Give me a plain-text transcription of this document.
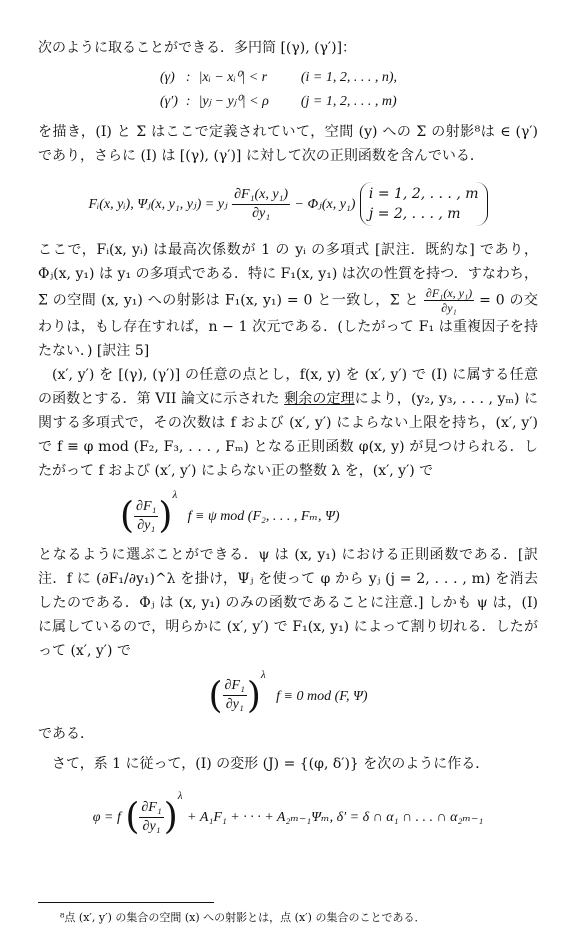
次のように取ることができる．多円筒 [(γ), (γ′)]：

(γ)	:	|xᵢ − xᵢ⁰| < r	(i = 1, 2, . . . , n),
(γ′)	:	|yⱼ − yⱼ⁰| < ρ	(j = 1, 2, . . . , m)

を描き，(I) と Σ はここで定義されていて，空間 (y) への Σ の射影⁸は ∈ (γ′) であり，さらに (I) は [(γ), (γ′)] に対して次の正則函数を含んでいる．

Fᵢ(x, yᵢ), Ψⱼ(x, y₁, yⱼ) = yⱼ $\frac{\text{∂F₁(x, y₁)}}{\text{∂y₁}}$ − Φⱼ(x, y₁)
i = 1, 2, . . . , m
j = 2, . . . , m

ここで，Fᵢ(x, yᵢ) は最高次係数が 1 の yᵢ の多項式 [訳注．既約な] であり，Φⱼ(x, y₁) は y₁ の多項式である．特に F₁(x, y₁) は次の性質を持つ．すなわち，Σ の空間 (x, y₁) への射影は F₁(x, y₁) = 0 と一致し，Σ と $\frac{\text{∂F₁(x, y₁)}}{\text{∂y₁}} = 0$ の交わりは，もし存在すれば，n − 1 次元である．(したがって F₁ は重複因子を持たない．) [訳注 5]

(x′, y′) を [(γ), (γ′)] の任意の点とし，f(x, y) を (x′, y′) で (I) に属する任意の函数とする．第 VII 論文に示された 剰余の定理により，(y₂, y₃, . . . , yₘ) に関する多項式で，その次数は f および (x′, y′) によらない上限を持ち，(x′, y′) で f ≡ φ mod (F₂, F₃, . . . , Fₘ) となる正則函数 φ(x, y) が見つけられる．したがって f および (x′, y′) によらない正の整数 λ を，(x′, y′) で

( $\frac{\text{∂F₁}}{\text{∂y₁}} )^\lambda$ f ≡ ψ mod (F₂, . . . , Fₘ, Ψ)

となるように選ぶことができる．ψ は (x, y₁) における正則函数である．[訳注．f に (∂F₁/∂y₁)^λ を掛け，Ψⱼ を使って φ から yⱼ (j = 2, . . . , m) を消去したのである．Φⱼ は (x, y₁) のみの函数であることに注意.] しかも ψ は，(I) に属しているので，明らかに (x′, y′) で F₁(x, y₁) によって割り切れる．したがって (x′, y′) で

( $\frac{\text{∂F₁}}{\text{∂y₁}} )^\lambda$ f ≡ 0 mod (F, Ψ)

である．

さて，系 1 に従って，(I) の変形 (J) = {(φ, δ′)} を次のように作る．

φ = f ( $\frac{\text{∂F₁}}{\text{∂y₁}} )^\lambda + A_1F_1$ + · · · + A₂ₘ₋₁Ψₘ, δ′ = δ ∩ α₁ ∩ . . . ∩ α₂ₘ₋₁
⁸点 (x′, y′) の集合の空間 (x) への射影とは，点 (x′) の集合のことである．
